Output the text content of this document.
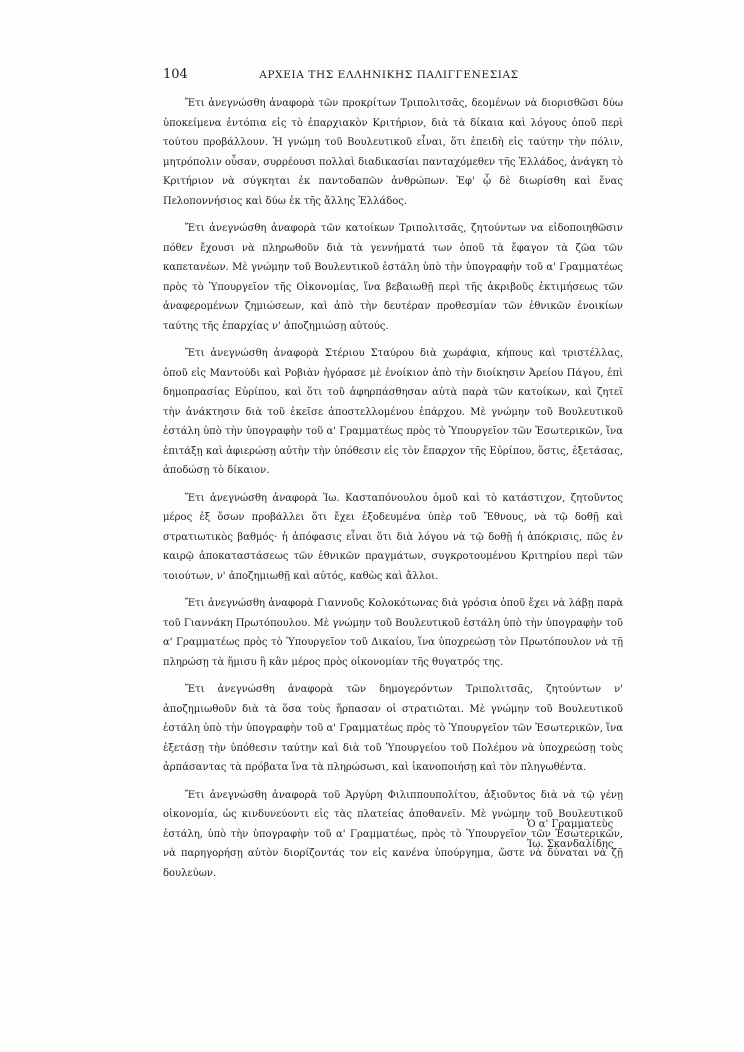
104	ΑΡΧΕΙΑ ΤΗΣ ΕΛΛΗΝΙΚΗΣ ΠΑΛΙΓΓΕΝΕΣΙΑΣ

Ἔτι ἀνεγνώσθη ἀναφορὰ τῶν προκρίτων Τριπολιτσᾶς, δεομένων νὰ διορισθῶσι δύω ὑποκείμενα ἐντόπια εἰς τὸ ἐπαρχιακὸν Κριτήριον, διὰ τὰ δίκαια καὶ λόγους ὁποῦ περὶ τούτου προβάλλουν. Ἡ γνώμη τοῦ Βουλευτικοῦ εἶναι, ὅτι ἐπειδὴ εἰς ταύτην τὴν πόλιν, μητρόπολιν οὖσαν, συρρέουσι πολλαὶ διαδικασίαι πανταχόμεθεν τῆς Ἑλλάδος, ἀνάγκη τὸ Κριτήριον νὰ σύγκηται ἐκ παντοδαπῶν ἀνθρώπων. Ἐφ' ᾧ δὲ διωρίσθη καὶ ἕνας Πελοποννήσιος καὶ δύω ἐκ τῆς ἄλλης Ἑλλάδος.

Ἔτι ἀνεγνώσθη ἀναφορὰ τῶν κατοίκων Τριπολιτσᾶς, ζητούντων να εἰδοποιηθῶσιν πόθεν ἔχουσι νὰ πληρωθοῦν διὰ τὰ γεννήματά των ὁποῦ τὰ ἔφαγον τὰ ζῶα τῶν καπετανέων. Μὲ γνώμην τοῦ Βουλευτικοῦ ἐστάλη ὑπὸ τὴν ὑπογραφὴν τοῦ α' Γραμματέως πρὸς τὸ Ὑπουργεῖον τῆς Οἰκονομίας, ἵνα βεβαιωθῇ περὶ τῆς ἀκριβοῦς ἐκτιμήσεως τῶν ἀναφερομένων ζημιώσεων, καὶ ἀπὸ τὴν δευτέραν προθεσμίαν τῶν ἐθνικῶν ἐνοικίων ταύτης τῆς ἐπαρχίας ν' ἀποζημιώσῃ αὐτούς.

Ἔτι ἀνεγνώσθη ἀναφορὰ Στέριου Σταύρου διὰ χωράφια, κήπους καὶ τριστέλλας, ὁποῦ εἰς Μαντούδι καὶ Ροβιὰν ἠγόρασε μὲ ἐνοίκιον ἀπὸ τὴν διοίκησιν Ἀρείου Πάγου, ἐπὶ δημοπρασίας Εὐρίπου, καὶ ὅτι τοῦ ἀφηρπάσθησαν αὐτὰ παρὰ τῶν κατοίκων, καὶ ζητεῖ τὴν ἀνάκτησιν διὰ τοῦ ἐκεῖσε ἀποστελλομένου ἐπάρχου. Μὲ γνώμην τοῦ Βουλευτικοῦ ἐστάλη ὑπὸ τὴν ὑπογραφὴν τοῦ α' Γραμματέως πρὸς τὸ Ὑπουργεῖον τῶν Ἐσωτερικῶν, ἵνα ἐπιτάξῃ καὶ ἀφιερώσῃ αὐτὴν τὴν ὑπόθεσιν εἰς τὸν ἔπαρχον τῆς Εὐρίπου, ὅστις, ἐξετάσας, ἀποδώσῃ τὸ δίκαιον.

Ἔτι ἀνεγνώσθη ἀναφορὰ Ἰω. Κασταπόνουλου ὁμοῦ καὶ τὸ κατάστιχον, ζητοῦντος μέρος ἐξ ὅσων προβάλλει ὅτι ἔχει ἐξοδευμένα ὑπὲρ τοῦ Ἔθνους, νὰ τῷ δοθῇ καὶ στρατιωτικὸς βαθμός· ἡ ἀπόφασις εἶναι ὅτι διὰ λόγου νὰ τῷ δοθῇ ἡ ἀπόκρισις, πῶς ἐν καιρῷ ἀποκαταστάσεως τῶν ἐθνικῶν πραγμάτων, συγκροτουμένου Κριτηρίου περὶ τῶν τοιούτων, ν' ἀποζημιωθῇ καὶ αὐτός, καθὼς καὶ ἄλλοι.

Ἔτι ἀνεγνώσθη ἀναφορὰ Γιαννοῦς Κολοκότωνας διὰ γρόσια ὁποῦ ἔχει νὰ λάβῃ παρὰ τοῦ Γιαννάκη Πρωτόπουλου. Μὲ γνώμην τοῦ Βουλευτικοῦ ἐστάλη ὑπὸ τὴν ὑπογραφὴν τοῦ α' Γραμματέως πρὸς τὸ Ὑπουργεῖον τοῦ Δικαίου, ἵνα ὑποχρεώσῃ τὸν Πρωτόπουλον νὰ τῇ πληρώσῃ τὰ ἥμισυ ἢ κἂν μέρος πρὸς οἰκονομίαν τῆς θυγατρός της.

Ἔτι ἀνεγνώσθη ἀναφορὰ τῶν δημογερόντων Τριπολιτσᾶς, ζητούντων ν' ἀποζημιωθοῦν διὰ τὰ ὅσα τοὺς ἥρπασαν οἱ στρατιῶται. Μὲ γνώμην τοῦ Βουλευτικοῦ ἐστάλη ὑπὸ τὴν ὑπογραφὴν τοῦ α' Γραμματέως πρὸς τὸ Ὑπουργεῖον τῶν Ἐσωτερικῶν, ἵνα ἐξετάσῃ τὴν ὑπόθεσιν ταύτην καὶ διὰ τοῦ Ὑπουργείου τοῦ Πολέμου νὰ ὑποχρεώσῃ τοὺς ἁρπάσαντας τὰ πρόβατα ἵνα τὰ πληρώσωσι, καὶ ἱκανοποιήσῃ καὶ τὸν πληγωθέντα.

Ἔτι ἀνεγνώσθη ἀναφορὰ τοῦ Ἀργύρη Φιλιππουπολίτου, ἀξιοῦντος διὰ νὰ τῷ γένῃ οἰκονομία, ὡς κινδυνεύοντι εἰς τὰς πλατείας ἀποθανεῖν. Μὲ γνώμην τοῦ Βουλευτικοῦ ἐστάλη, ὑπὸ τὴν ὑπογραφὴν τοῦ α' Γραμματέως, πρὸς τὸ Ὑπουργεῖον τῶν Ἐσωτερικῶν, νὰ παρηγορήσῃ αὐτὸν διορίζοντάς τον εἰς κανένα ὑπούργημα, ὥστε νὰ δύναται νὰ ζῇ δουλεύων.

Ὁ α' Γραμματεὺς
Ἰω. Σκανδαλίδης
